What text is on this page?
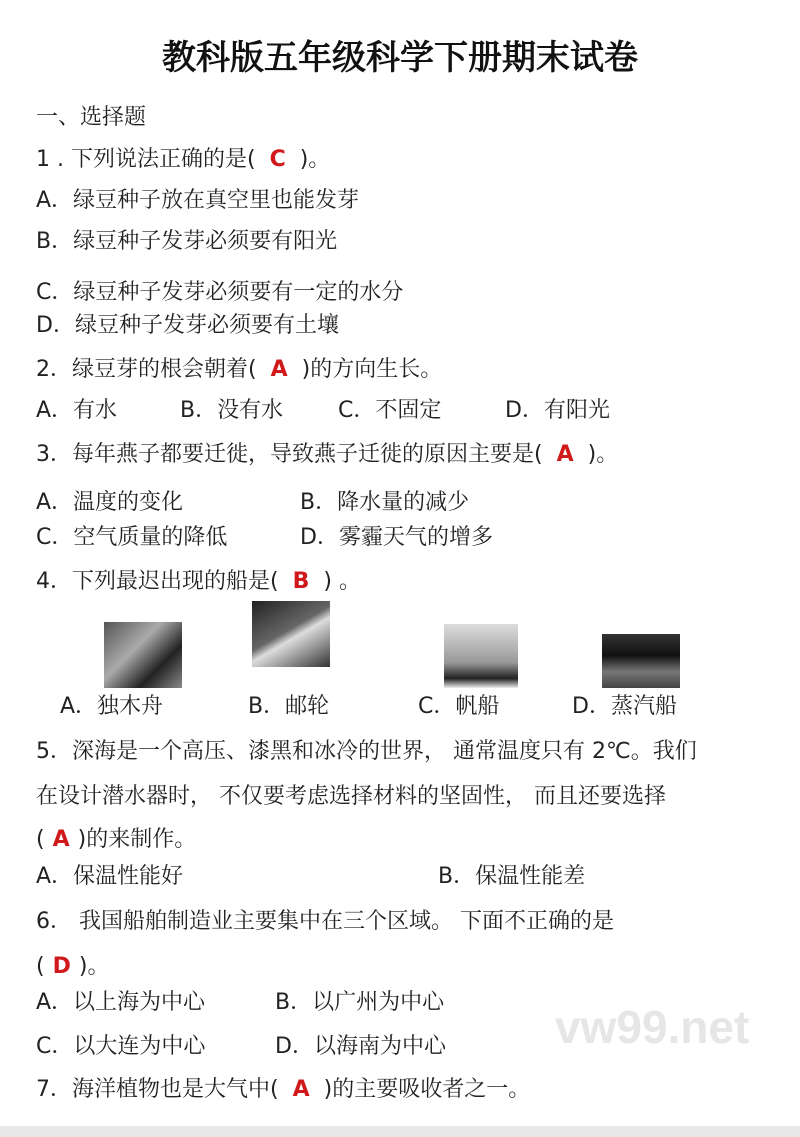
教科版五年级科学下册期末试卷
一、选择题
1 . 下列说法正确的是( C )。
A．绿豆种子放在真空里也能发芽
B．绿豆种子发芽必须要有阳光
C．绿豆种子发芽必须要有一定的水分
D．绿豆种子发芽必须要有土壤
2．绿豆芽的根会朝着( A )的方向生长。
A．有水	B．没有水 C．不固定	D．有阳光
3．每年燕子都要迁徙，导致燕子迁徙的原因主要是( A )。
A．温度的变化	B．降水量的减少
C．空气质量的降低	D．雾霾天气的增多
4．下列最迟出现的船是( B ) 。
A．独木舟	B．邮轮	C．帆船	D．蒸汽船
5．深海是一个高压、漆黑和冰冷的世界， 通常温度只有 2℃。我们
在设计潜水器时， 不仅要考虑选择材料的坚固性， 而且还要选择
( A )的来制作。
A．保温性能好	B．保温性能差
6． 我国船舶制造业主要集中在三个区域。 下面不正确的是
( D )。
vw99.net
A．以上海为中心	B．以广州为中心
C．以大连为中心	D．以海南为中心
7．海洋植物也是大气中( A )的主要吸收者之一。
